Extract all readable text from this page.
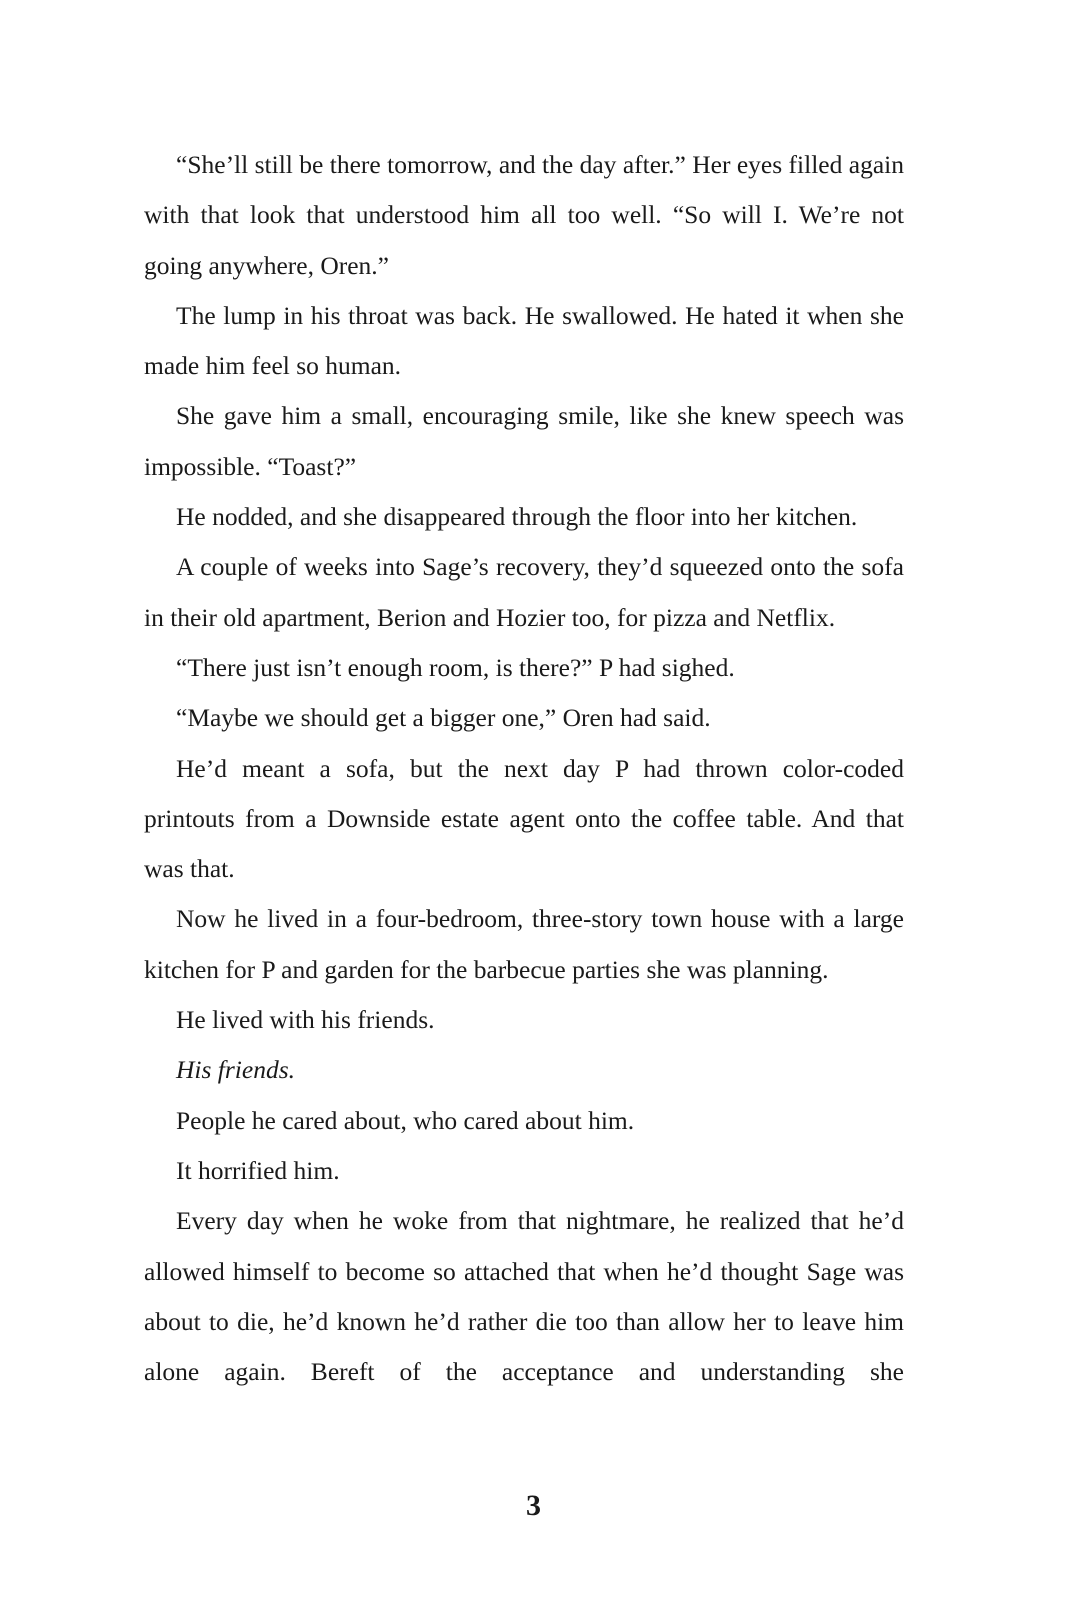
“She’ll still be there tomorrow, and the day after.” Her eyes filled again with that look that understood him all too well. “So will I. We’re not going anywhere, Oren.”

The lump in his throat was back. He swallowed. He hated it when she made him feel so human.

She gave him a small, encouraging smile, like she knew speech was impossible. “Toast?”

He nodded, and she disappeared through the floor into her kitchen.

A couple of weeks into Sage’s recovery, they’d squeezed onto the sofa in their old apartment, Berion and Hozier too, for pizza and Netflix.

“There just isn’t enough room, is there?” P had sighed.

“Maybe we should get a bigger one,” Oren had said.

He’d meant a sofa, but the next day P had thrown color-coded printouts from a Downside estate agent onto the coffee table. And that was that.

Now he lived in a four-bedroom, three-story town house with a large kitchen for P and garden for the barbecue parties she was planning.

He lived with his friends.

His friends.

People he cared about, who cared about him.

It horrified him.

Every day when he woke from that nightmare, he realized that he’d allowed himself to become so attached that when he’d thought Sage was about to die, he’d known he’d rather die too than allow her to leave him alone again. Bereft of the acceptance and understanding she

3
